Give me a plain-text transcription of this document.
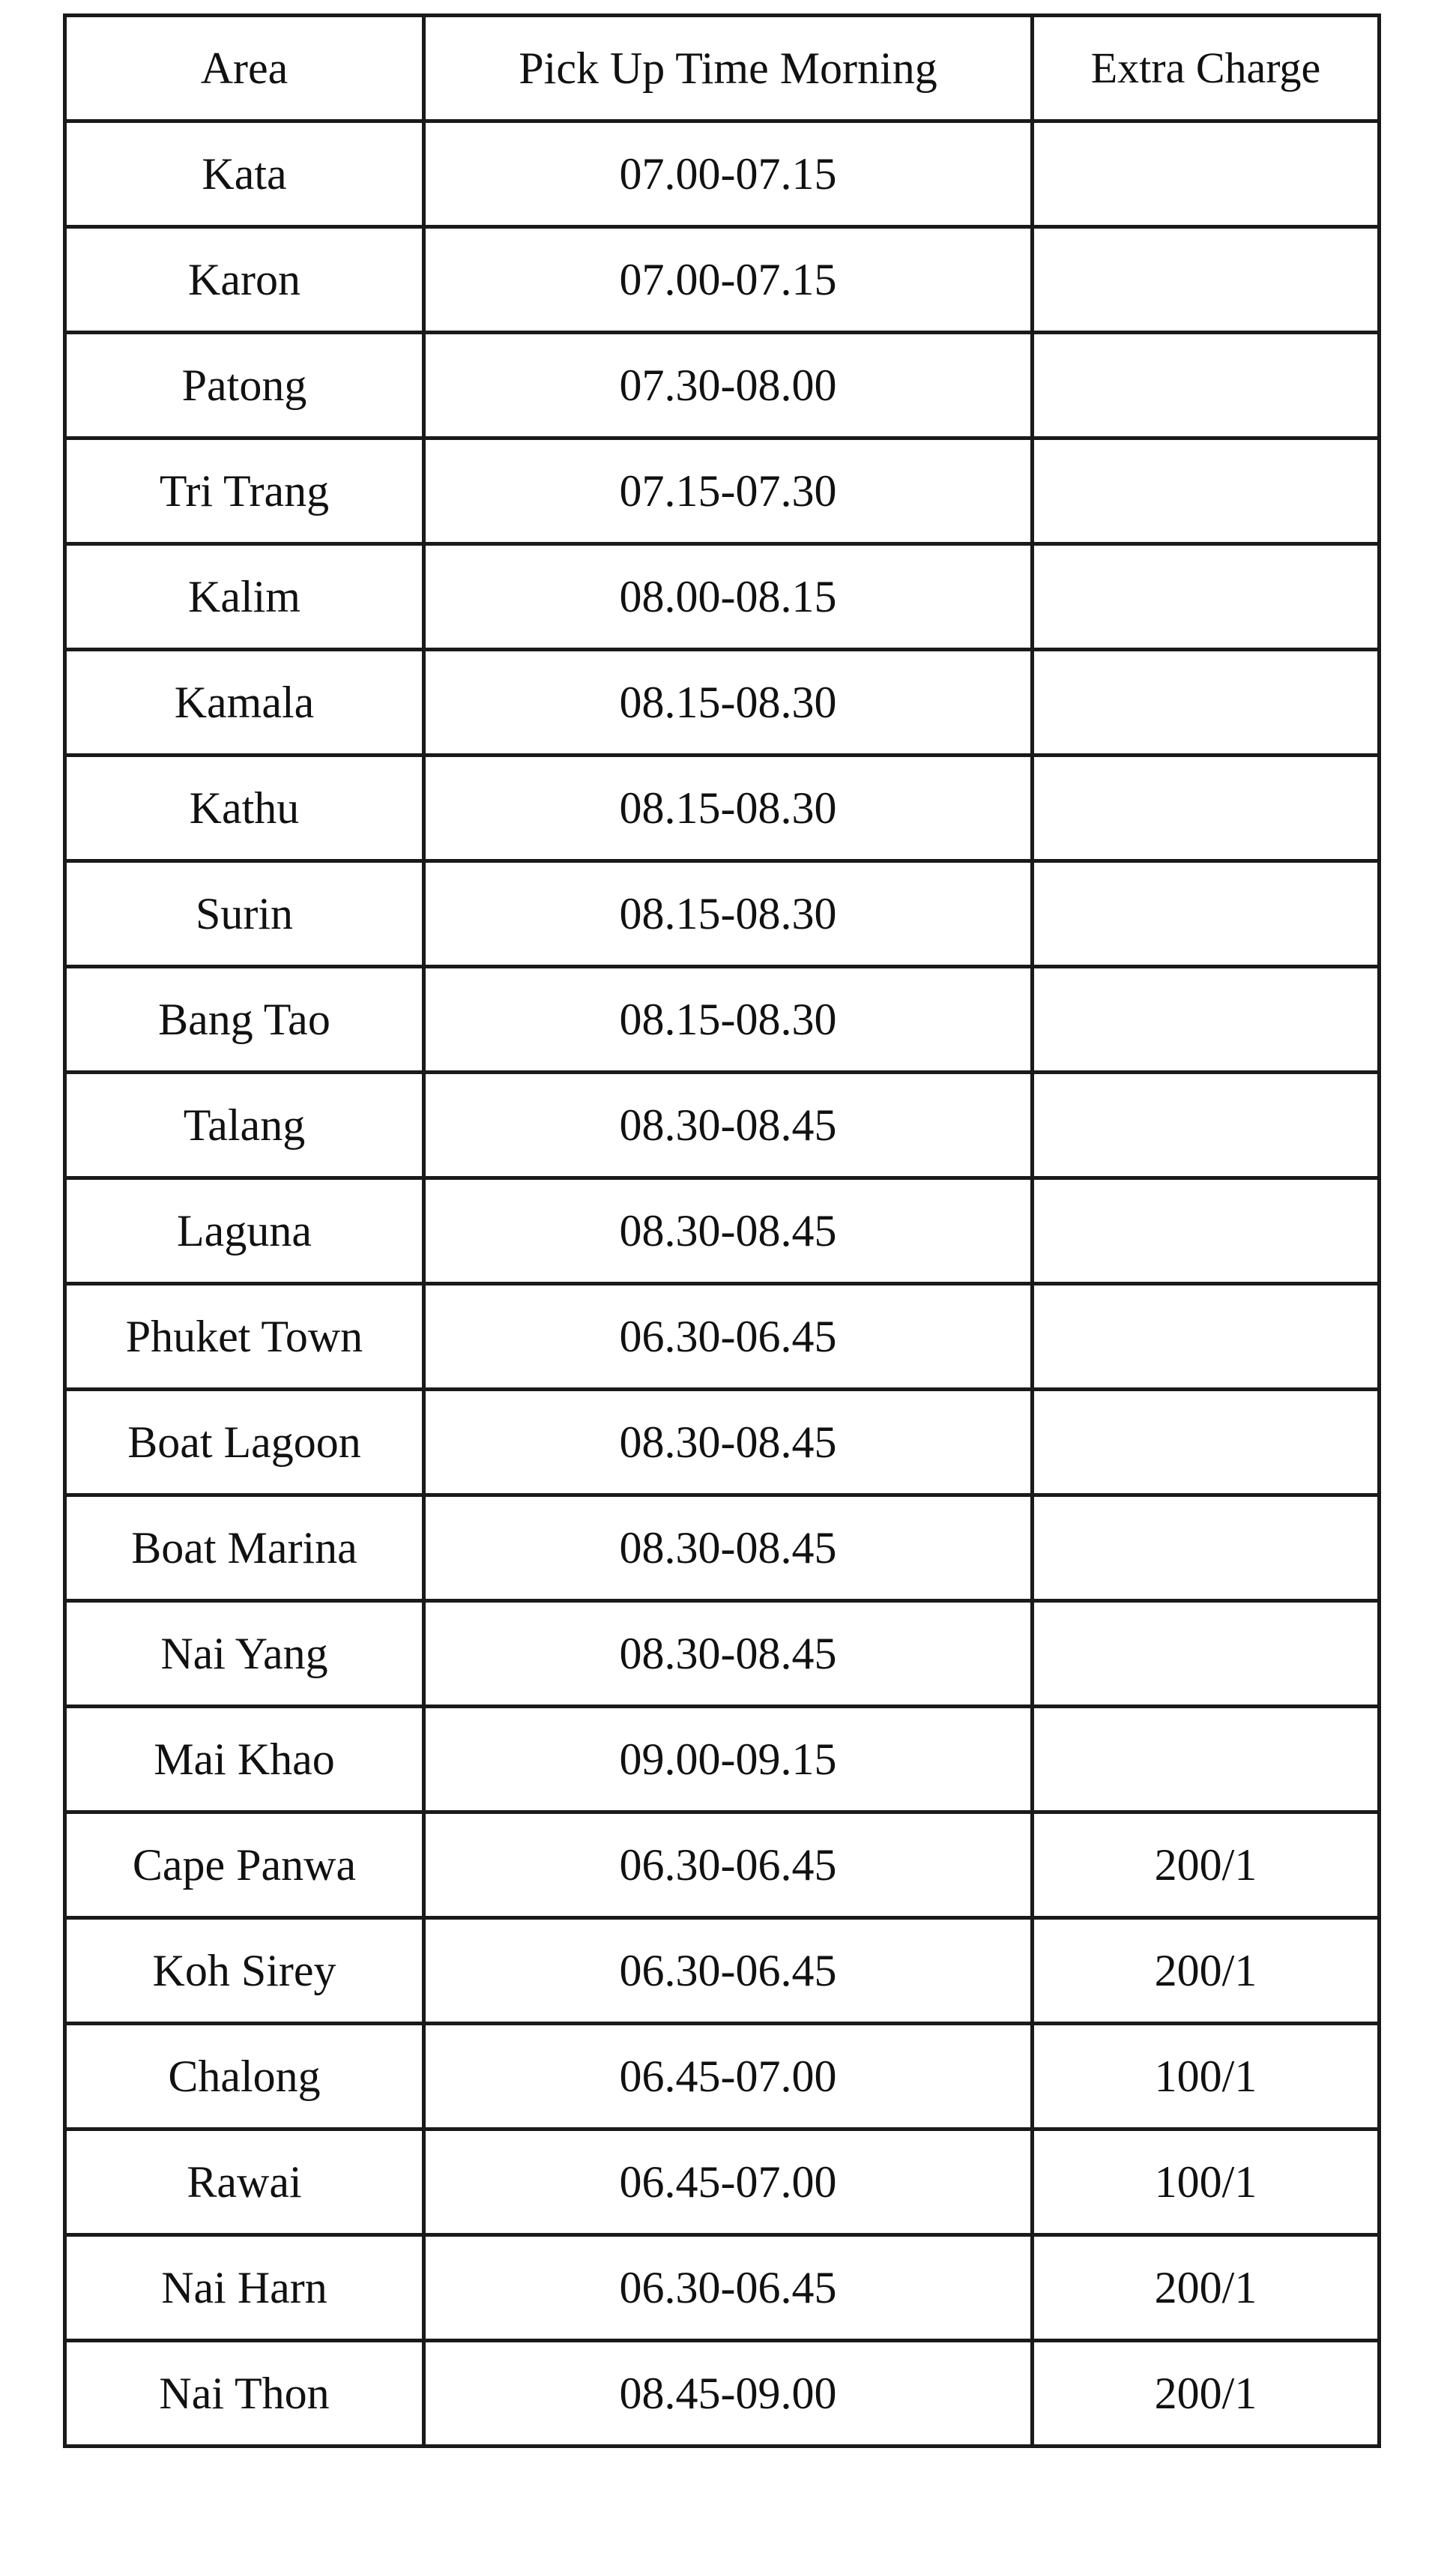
Area	Pick Up Time Morning	Extra Charge
Kata	07.00-07.15	
Karon	07.00-07.15	
Patong	07.30-08.00	
Tri Trang	07.15-07.30	
Kalim	08.00-08.15	
Kamala	08.15-08.30	
Kathu	08.15-08.30	
Surin	08.15-08.30	
Bang Tao	08.15-08.30	
Talang	08.30-08.45	
Laguna	08.30-08.45	
Phuket Town	06.30-06.45	
Boat Lagoon	08.30-08.45	
Boat Marina	08.30-08.45	
Nai Yang	08.30-08.45	
Mai Khao	09.00-09.15	
Cape Panwa	06.30-06.45	200/1
Koh Sirey	06.30-06.45	200/1
Chalong	06.45-07.00	100/1
Rawai	06.45-07.00	100/1
Nai Harn	06.30-06.45	200/1
Nai Thon	08.45-09.00	200/1
